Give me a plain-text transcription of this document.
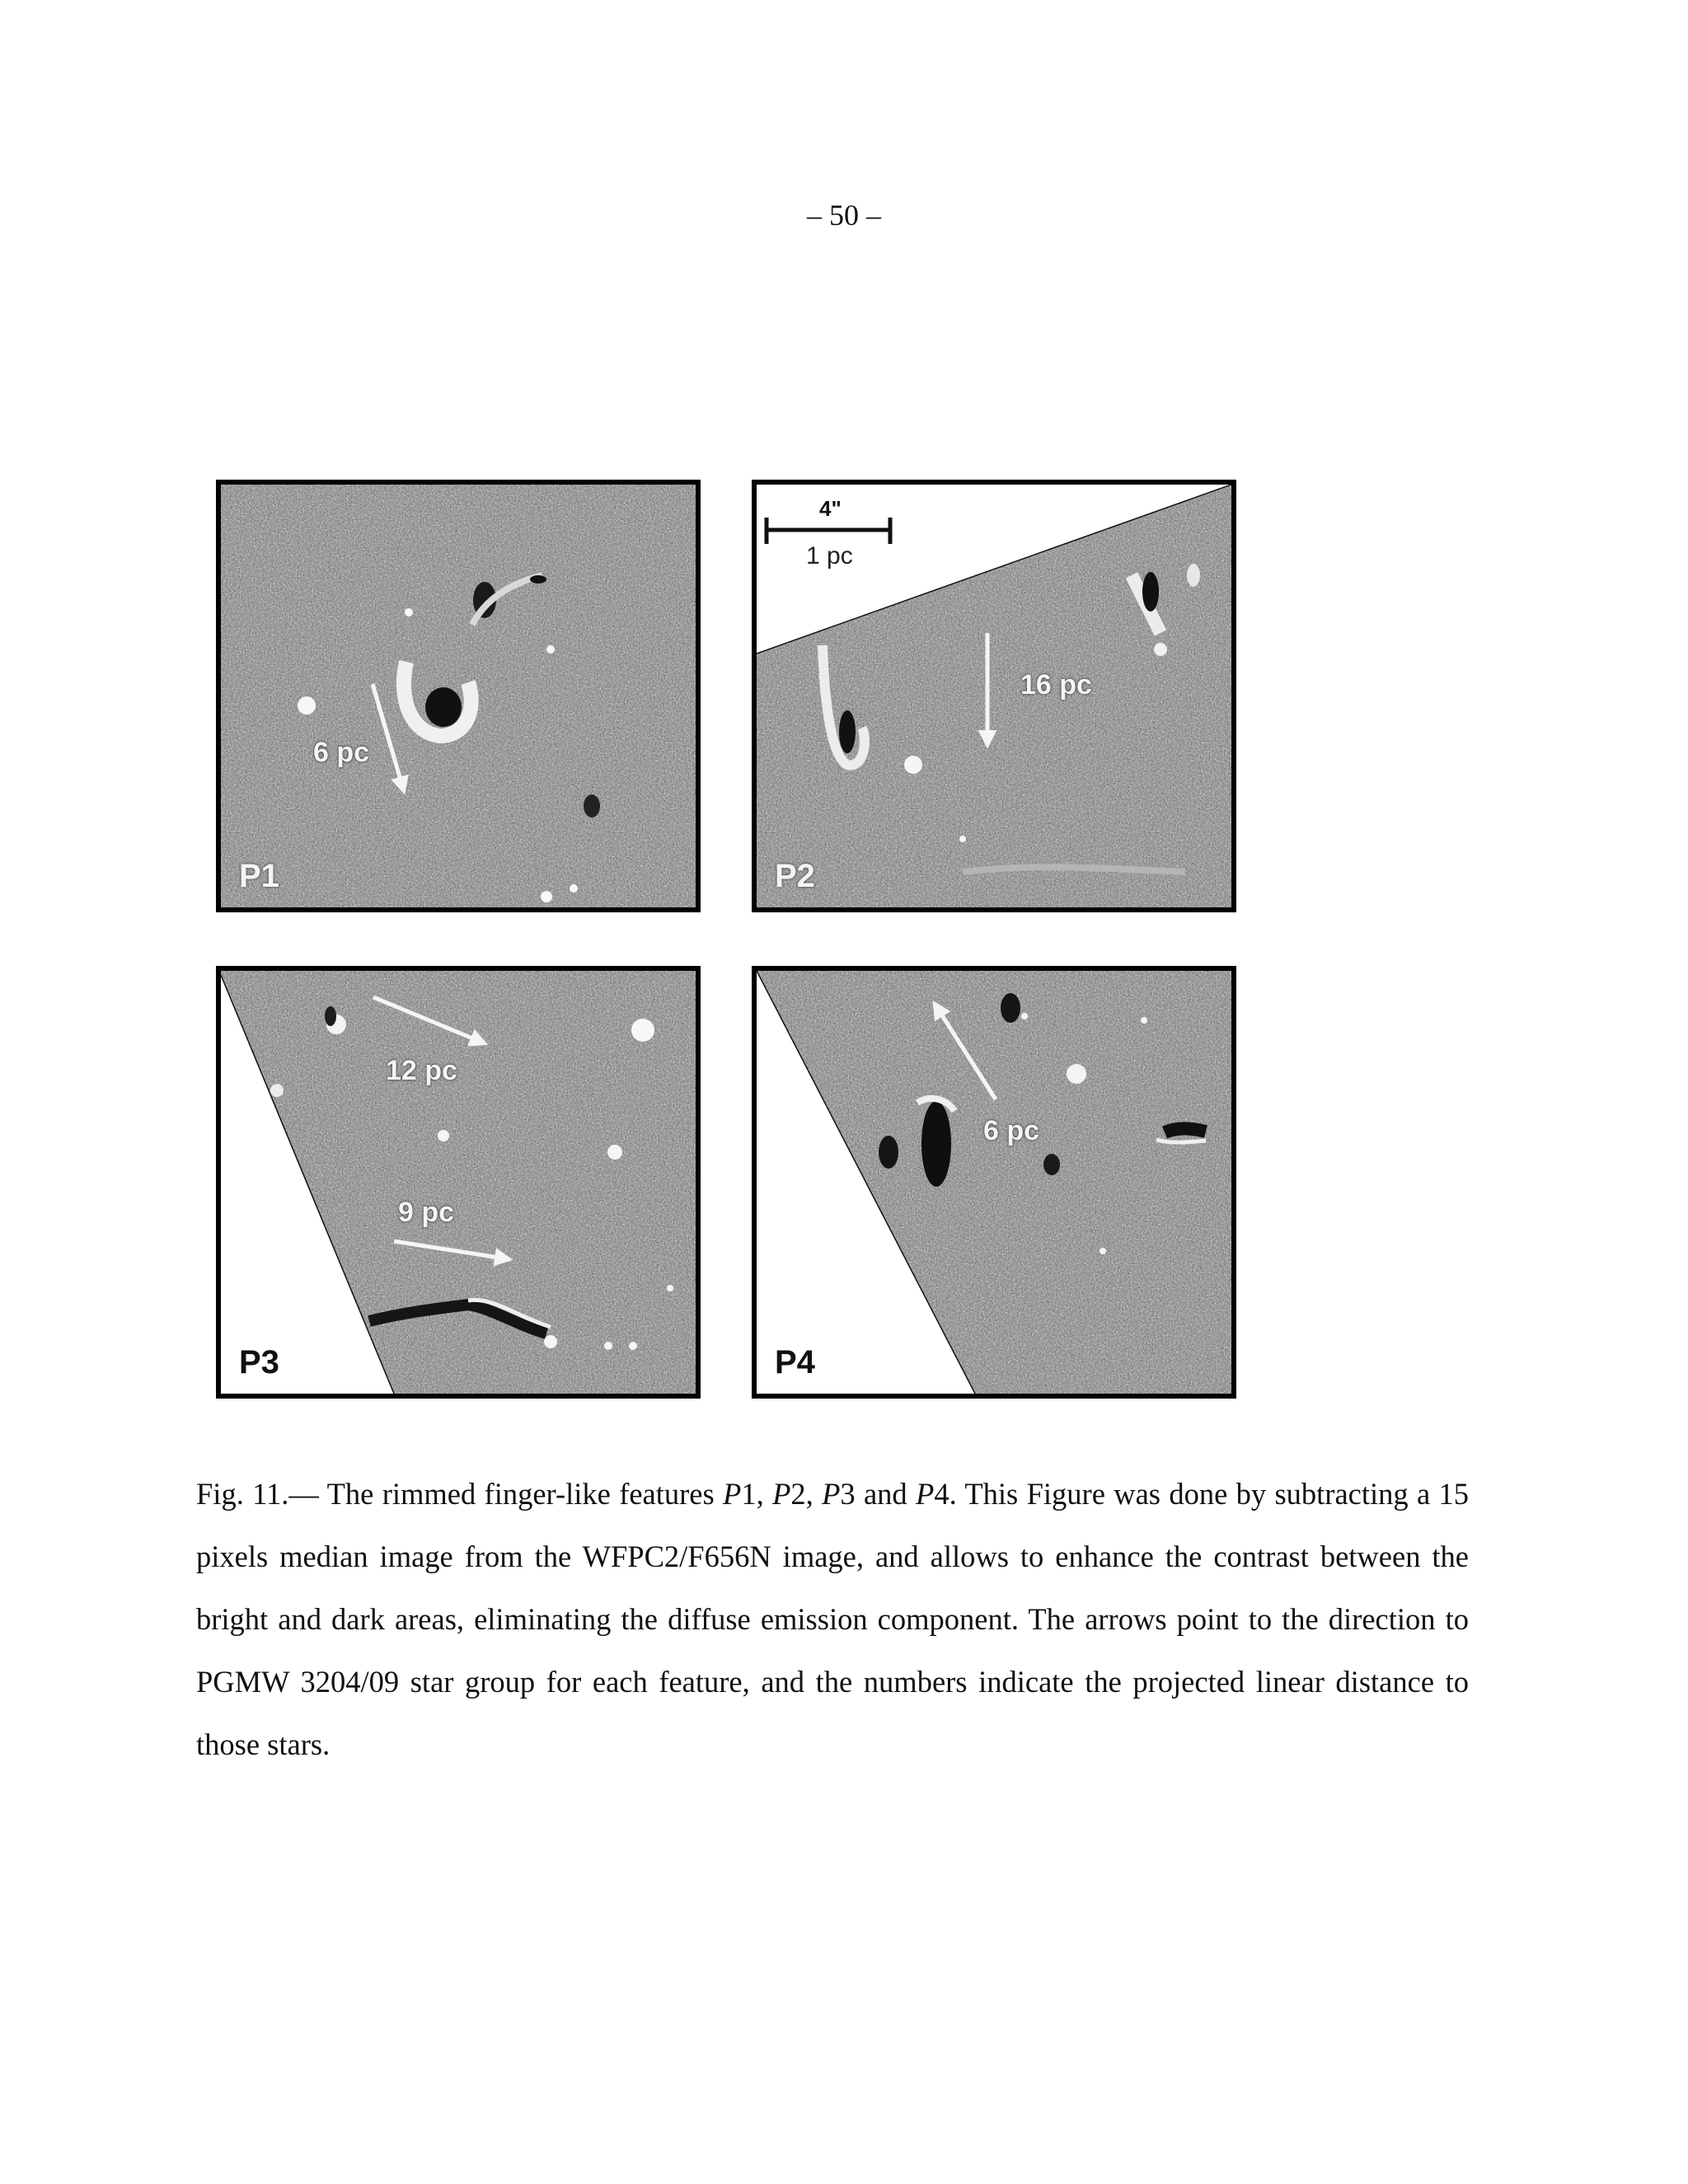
– 50 –
6 pc
P1
4"
1 pc
16 pc
P2
12 pc
9 pc
P3
6 pc
P4
Fig. 11.— The rimmed finger-like features P1, P2, P3 and P4. This Figure was done by subtracting a 15 pixels median image from the WFPC2/F656N image, and allows to enhance the contrast between the bright and dark areas, eliminating the diffuse emission component. The arrows point to the direction to PGMW 3204/09 star group for each feature, and the numbers indicate the projected linear distance to those stars.
